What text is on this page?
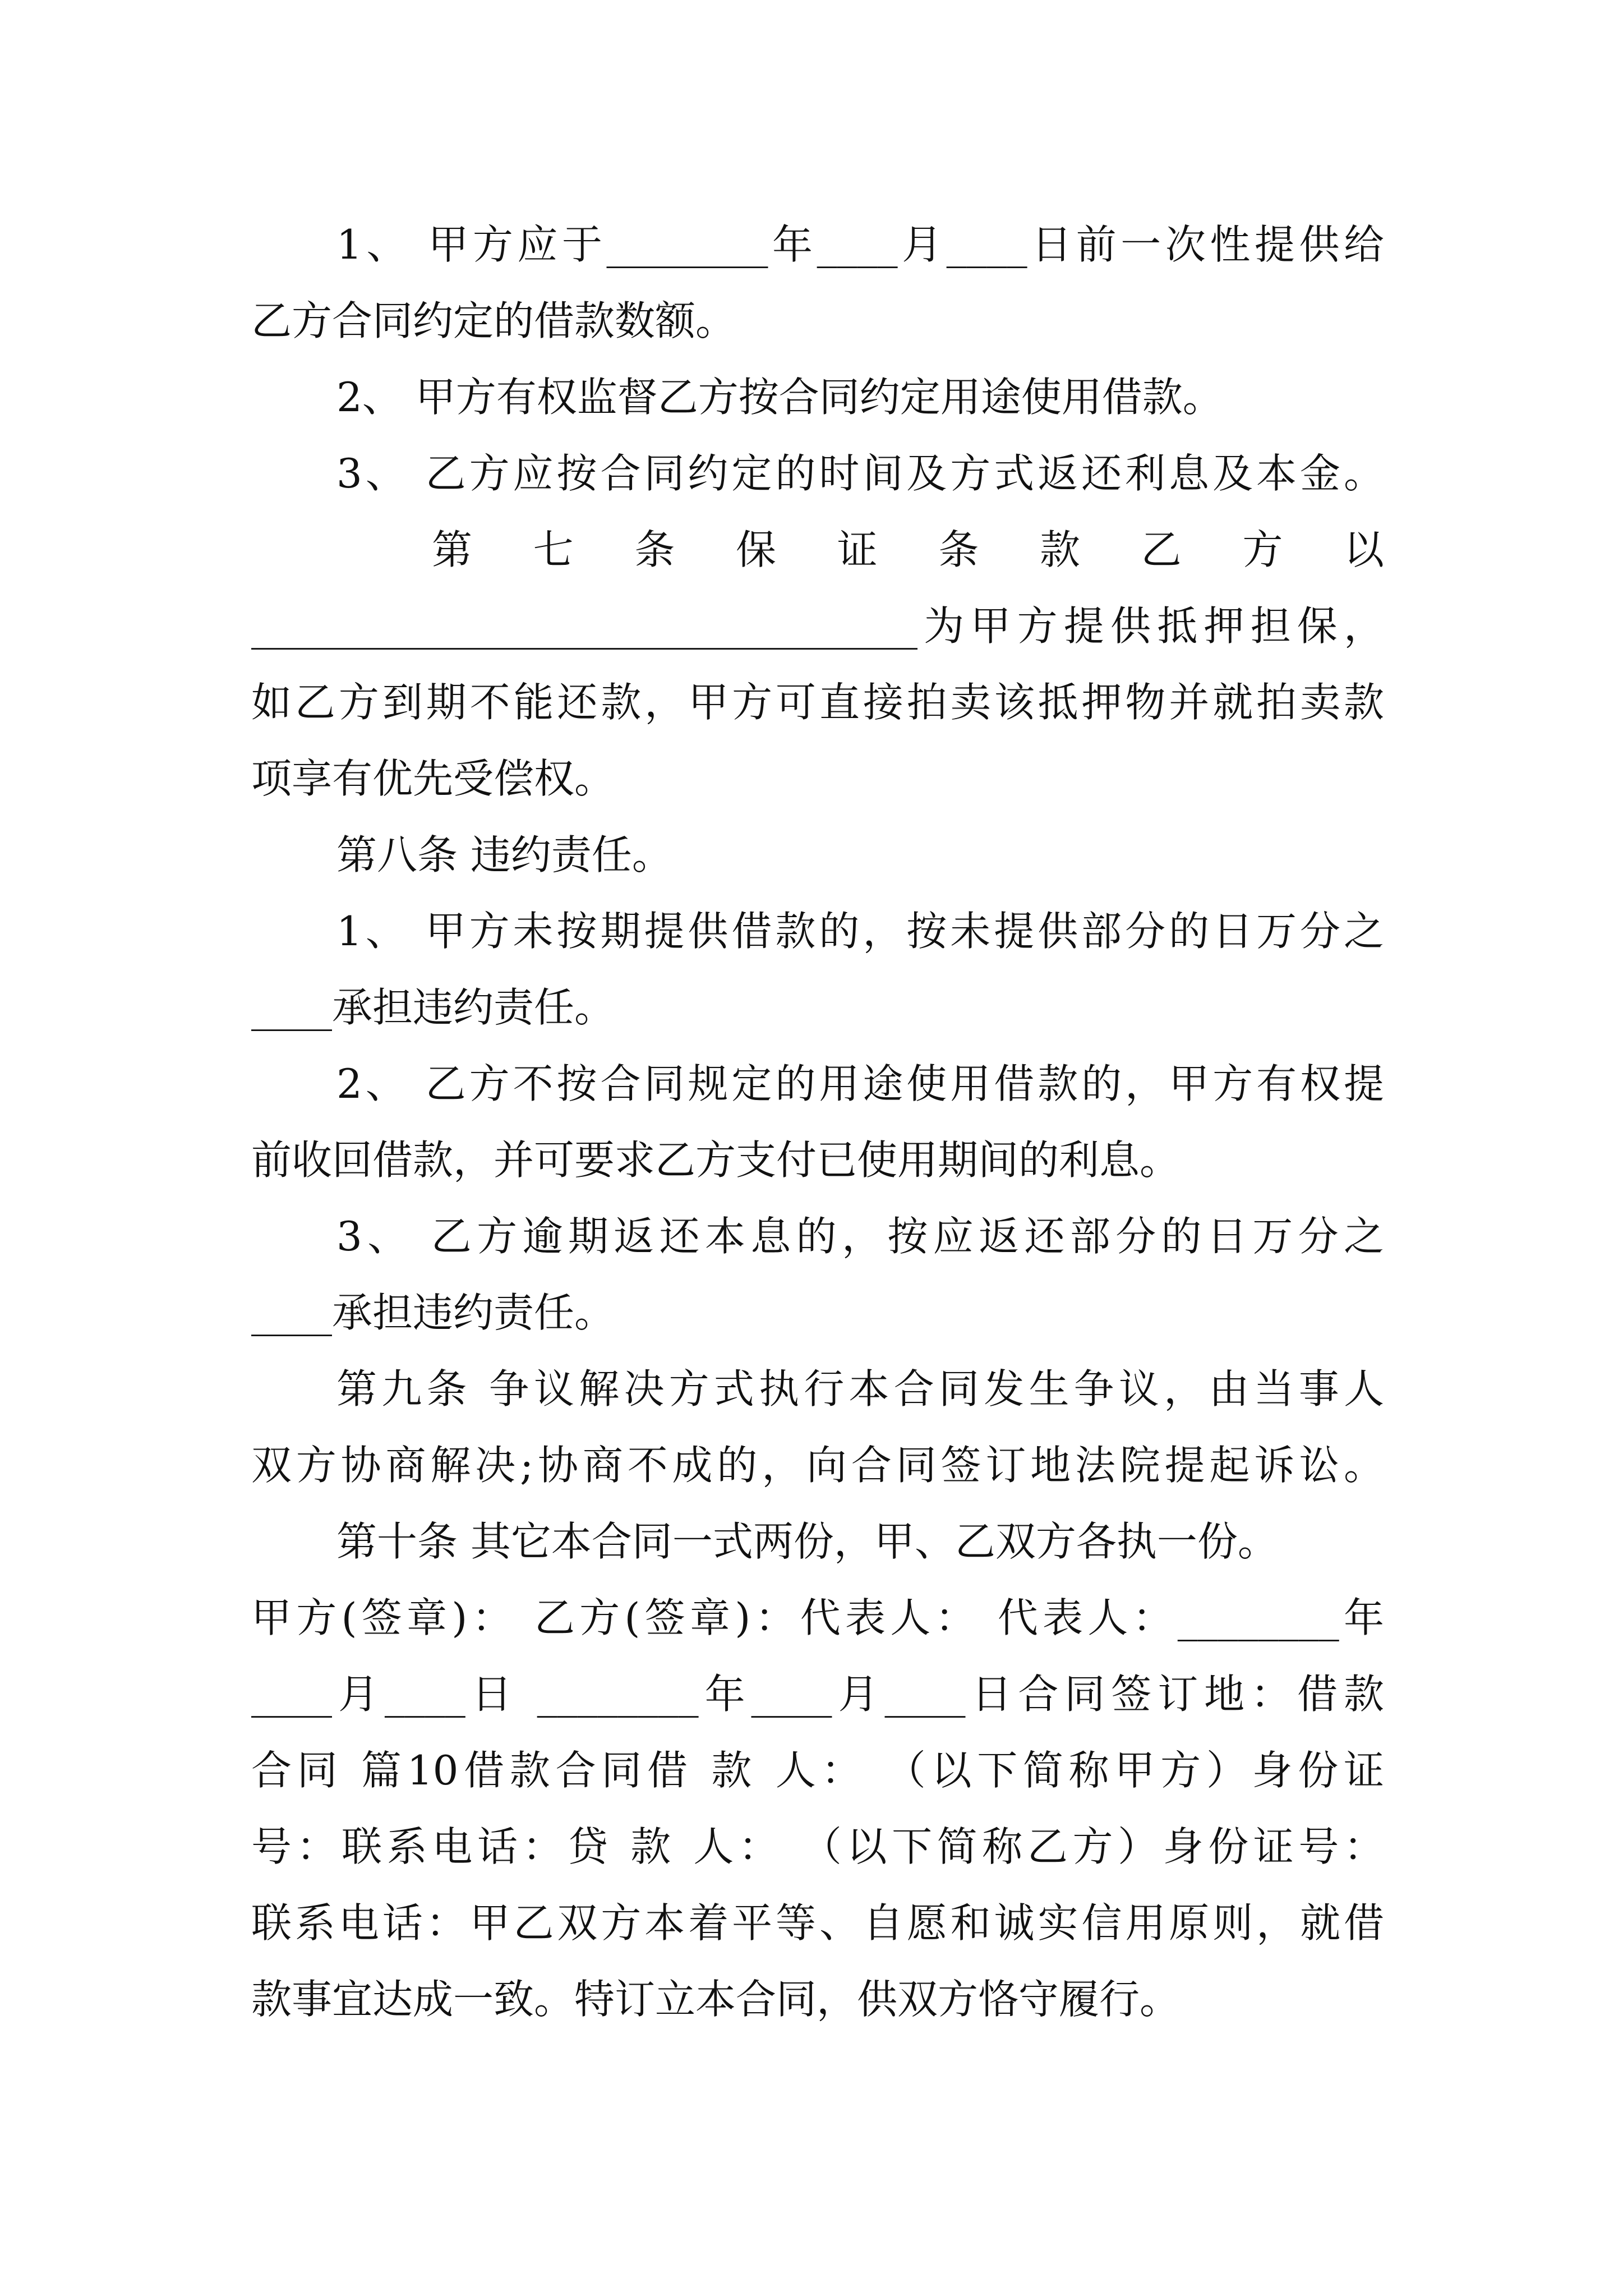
1、 甲方应于________年____月____日前一次性提供给
乙方合同约定的借款数额。
2、 甲方有权监督乙方按合同约定用途使用借款。
3、 乙方应按合同约定的时间及方式返还利息及本金。
第 七 条 保 证 条 款 乙 方 以
_________________________________为甲方提供抵押担保，
如乙方到期不能还款，甲方可直接拍卖该抵押物并就拍卖款
项享有优先受偿权。
第八条 违约责任。
1、 甲方未按期提供借款的，按未提供部分的日万分之
____承担违约责任。
2、 乙方不按合同规定的用途使用借款的，甲方有权提
前收回借款，并可要求乙方支付已使用期间的利息。
3、 乙方逾期返还本息的，按应返还部分的日万分之
____承担违约责任。
第九条 争议解决方式执行本合同发生争议，由当事人
双方协商解决;协商不成的，向合同签订地法院提起诉讼。
第十条 其它本合同一式两份，甲、乙双方各执一份。
甲方(签章)： 乙方(签章)：代表人： 代表人：________年
____月____日 ________年____月____日合同签订地：借款
合同 篇10借款合同借 款 人： （以下简称甲方）身份证
号：联系电话：贷 款 人： （以下简称乙方）身份证号：
联系电话：甲乙双方本着平等、自愿和诚实信用原则，就借
款事宜达成一致。特订立本合同，供双方恪守履行。
